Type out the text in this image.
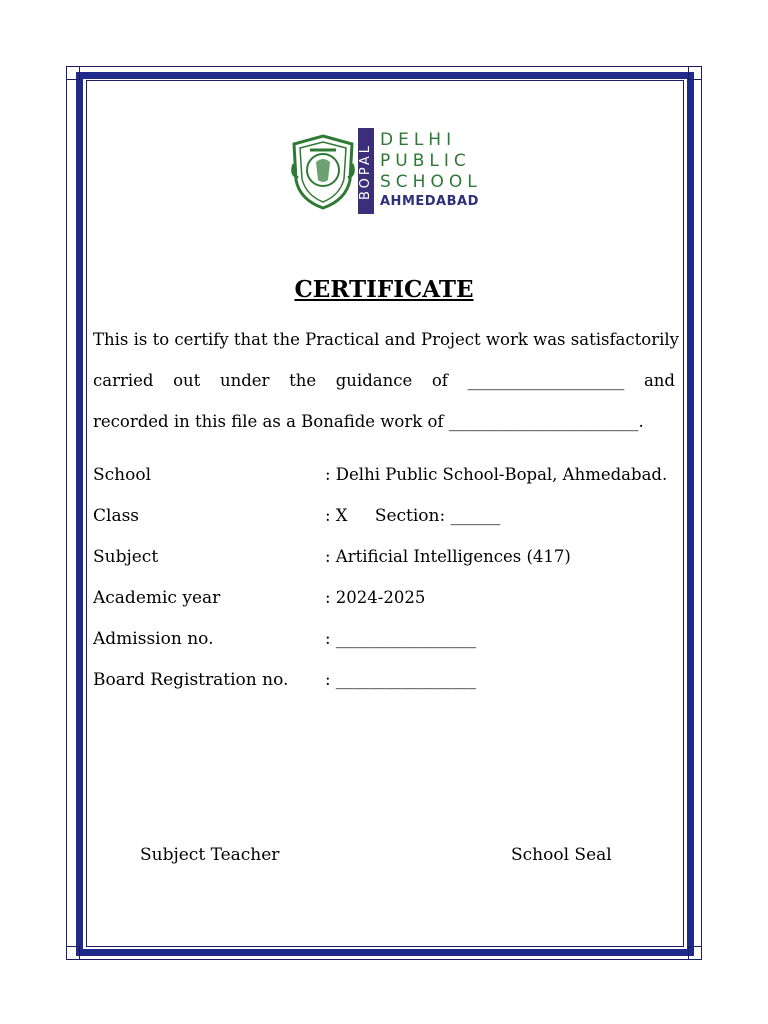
BOPAL
DELHI
PUBLIC
SCHOOL
AHMEDABAD
CERTIFICATE
This is to certify that the Practical and Project work was satisfactorily
carried out under the guidance of ___________________ and
recorded in this file as a Bonafide work of _______________________.
School	: Delhi Public School-Bopal, Ahmedabad.
Class	: X Section: ______
Subject	: Artificial Intelligences (417)
Academic year	: 2024-2025
Admission no.	: _________________
Board Registration no. : _________________
Subject Teacher	School Seal
